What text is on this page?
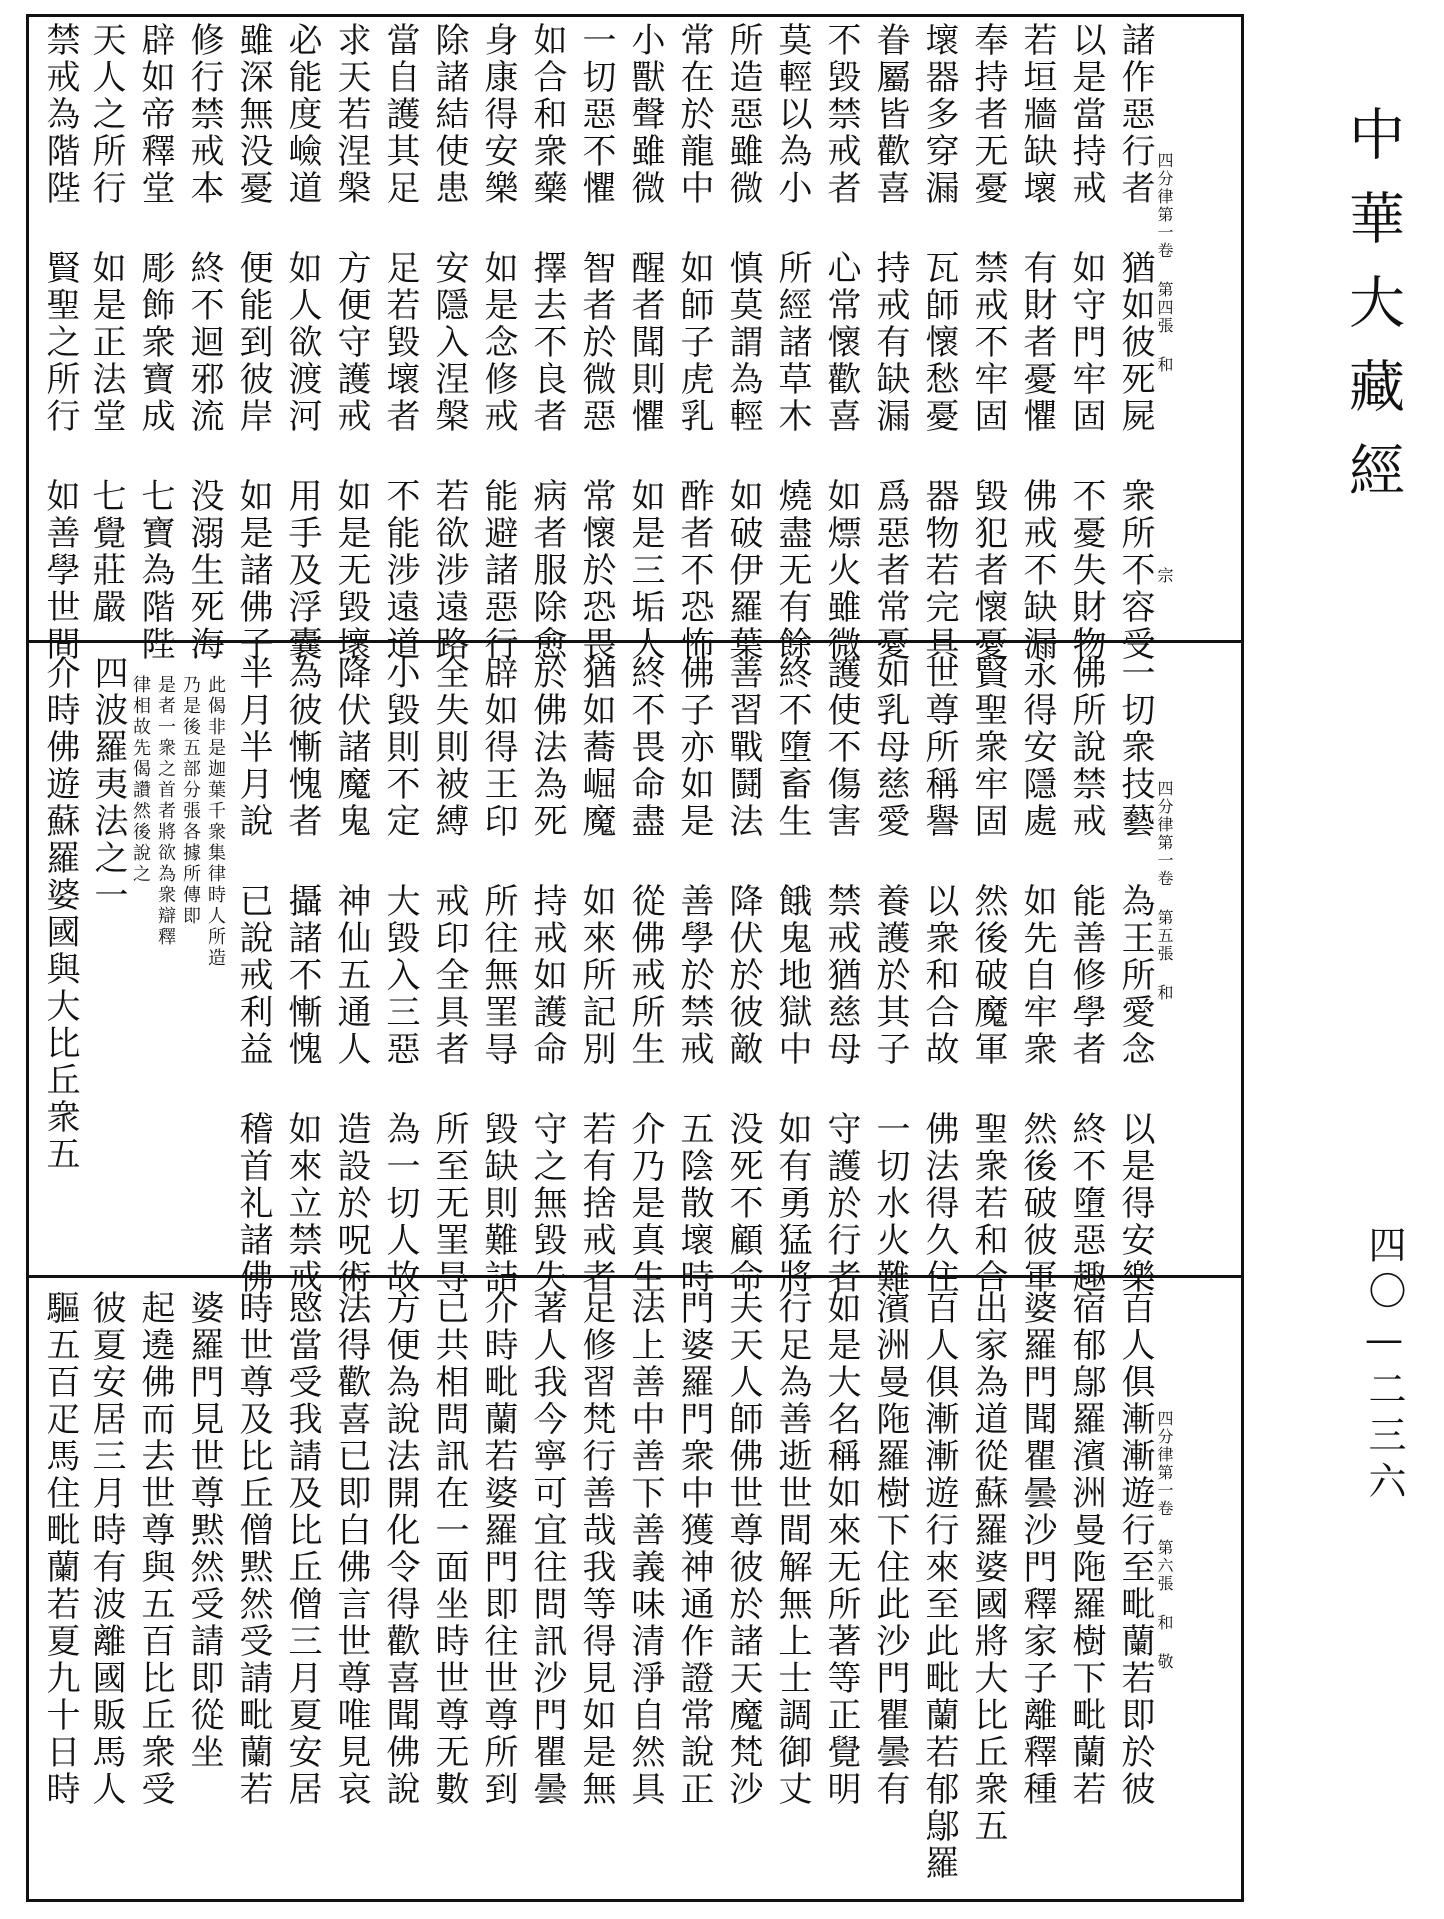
中華大藏經
四〇—二三六
四分律第一卷 第四張 和
宗
諸作惡行者 猶如彼死屍 衆所不容受
以是當持戒 如守門牢固 不憂失財物
若垣牆缺壞 有財者憂懼 佛戒不缺漏
奉持者无憂 禁戒不牢固 毀犯者懷憂
壞器多穿漏 瓦師懷愁憂 器物若完具
眷屬皆歡喜 持戒有缺漏 爲惡者常憂
不毀禁戒者 心常懷歡喜 如熛火雖微
莫輕以為小 所經諸草木 燒盡无有餘
所造惡雖微 慎莫謂為輕 如破伊羅葉
常在於龍中 如師子虎乳 酢者不恐怖
小獸聲雖微 醒者聞則懼 如是三垢人
一切惡不懼 智者於微惡 常懷於恐畏
如合和衆藥 擇去不良者 病者服除愈
身康得安樂 如是念修戒 能避諸惡行
除諸結使患 安隱入涅槃 若欲涉遠路
當自護其足 足若毀壞者 不能涉遠道
求天若涅槃 方便守護戒 如是无毀壞
必能度嶮道 如人欲渡河 用手及浮囊
雖深無没憂 便能到彼岸 如是諸佛子
修行禁戒本 終不迴邪流 没溺生死海
辟如帝釋堂 彫飾衆寶成 七寶為階陛
天人之所行 如是正法堂 七覺莊嚴
禁戒為階陛 賢聖之所行 如善學世間
四分律第一卷 第五張 和
一切衆技藝 為王所愛念 以是得安樂
佛所說禁戒 能善修學者 終不墮惡趣
永得安隱處 如先自牢衆 然後破彼軍
賢聖衆牢固 然後破魔軍 聖衆若和合
世尊所稱譽 以衆和合故 佛法得久住
如乳母慈愛 養護於其子 一切水火難
護使不傷害 禁戒猶慈母 守護於行者
終不墮畜生 餓鬼地獄中 如有勇猛將
善習戰鬪法 降伏於彼敵 没死不顧命
佛子亦如是 善學於禁戒 五陰散壞時
終不畏命盡 從佛戒所生 介乃是真生
猶如蕎崛魔 如來所記別 若有捨戒者
於佛法為死 持戒如護命 守之無毀失
辟如得王印 所往無罣㝵 毀缺則難詰
全失則被縛 戒印全具者 所至无罣㝵
小毀則不定 大毀入三惡 為一切人故
降伏諸魔鬼 神仙五通人 造設於呪術
為彼慚愧者 攝諸不慚愧 如來立禁戒
半月半月說 已說戒利益 稽首礼諸佛
此偈非是迦葉千衆集律時人所造
乃是後五部分張各據所傳即
是者一衆之首者將欲為衆辯釋
律相故先偈讚然後說之
四波羅夷法之一
介時佛遊蘇羅婆國與大比丘衆五
四分律第一卷 第六張 和 敬
百人俱漸漸遊行至毗蘭若即於彼
宿郁鄔羅濱洲曼陁羅樹下毗蘭若
婆羅門聞瞿曇沙門釋家子離釋種
出家為道從蘇羅婆國將大比丘衆五
百人俱漸漸遊行來至此毗蘭若郁鄔羅
濱洲曼陁羅樹下住此沙門瞿曇有
如是大名稱如來无所著等正覺明
行足為善逝世間解無上士調御丈
夫天人師佛世尊彼於諸天魔梵沙
門婆羅門衆中獲神通作證常說正
法上善中善下善義味清淨自然具
足修習梵行善哉我等得見如是無
著人我今寧可宜往問訊沙門瞿曇
介時毗蘭若婆羅門即往世尊所到
已共相問訊在一面坐時世尊无數
方便為說法開化令得歡喜聞佛說
法得歡喜已即白佛言世尊唯見哀
愍當受我請及比丘僧三月夏安居
時世尊及比丘僧黙然受請毗蘭若
婆羅門見世尊黙然受請即從坐
起遶佛而去世尊與五百比丘衆受
彼夏安居三月時有波離國販馬人
驅五百疋馬住毗蘭若夏九十日時
